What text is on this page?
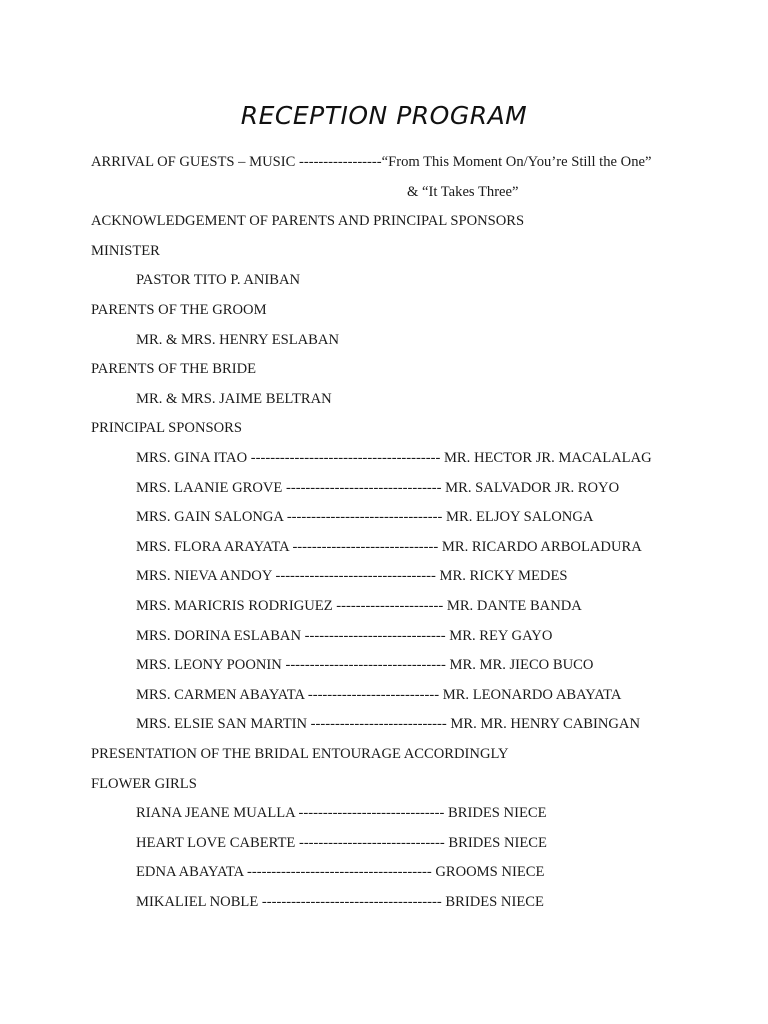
RECEPTION PROGRAM
ARRIVAL OF GUESTS – MUSIC -----------------“From This Moment On/You’re Still the One”
& “It Takes Three”
ACKNOWLEDGEMENT OF PARENTS AND PRINCIPAL SPONSORS
MINISTER
PASTOR TITO P. ANIBAN
PARENTS OF THE GROOM
MR. & MRS. HENRY ESLABAN
PARENTS OF THE BRIDE
MR. & MRS. JAIME BELTRAN
PRINCIPAL SPONSORS
MRS. GINA ITAO --------------------------------------- MR. HECTOR JR. MACALALAG
MRS. LAANIE GROVE -------------------------------- MR. SALVADOR JR. ROYO
MRS. GAIN SALONGA -------------------------------- MR. ELJOY SALONGA
MRS. FLORA ARAYATA ------------------------------ MR. RICARDO ARBOLADURA
MRS. NIEVA ANDOY --------------------------------- MR. RICKY MEDES
MRS. MARICRIS RODRIGUEZ ---------------------- MR. DANTE BANDA
MRS. DORINA ESLABAN ----------------------------- MR. REY GAYO
MRS. LEONY POONIN --------------------------------- MR. MR. JIECO BUCO
MRS. CARMEN ABAYATA --------------------------- MR. LEONARDO ABAYATA
MRS. ELSIE SAN MARTIN ---------------------------- MR. MR. HENRY CABINGAN
PRESENTATION OF THE BRIDAL ENTOURAGE ACCORDINGLY
FLOWER GIRLS
RIANA JEANE MUALLA ------------------------------ BRIDES NIECE
HEART LOVE CABERTE ------------------------------ BRIDES NIECE
EDNA ABAYATA -------------------------------------- GROOMS NIECE
MIKALIEL NOBLE ------------------------------------- BRIDES NIECE
